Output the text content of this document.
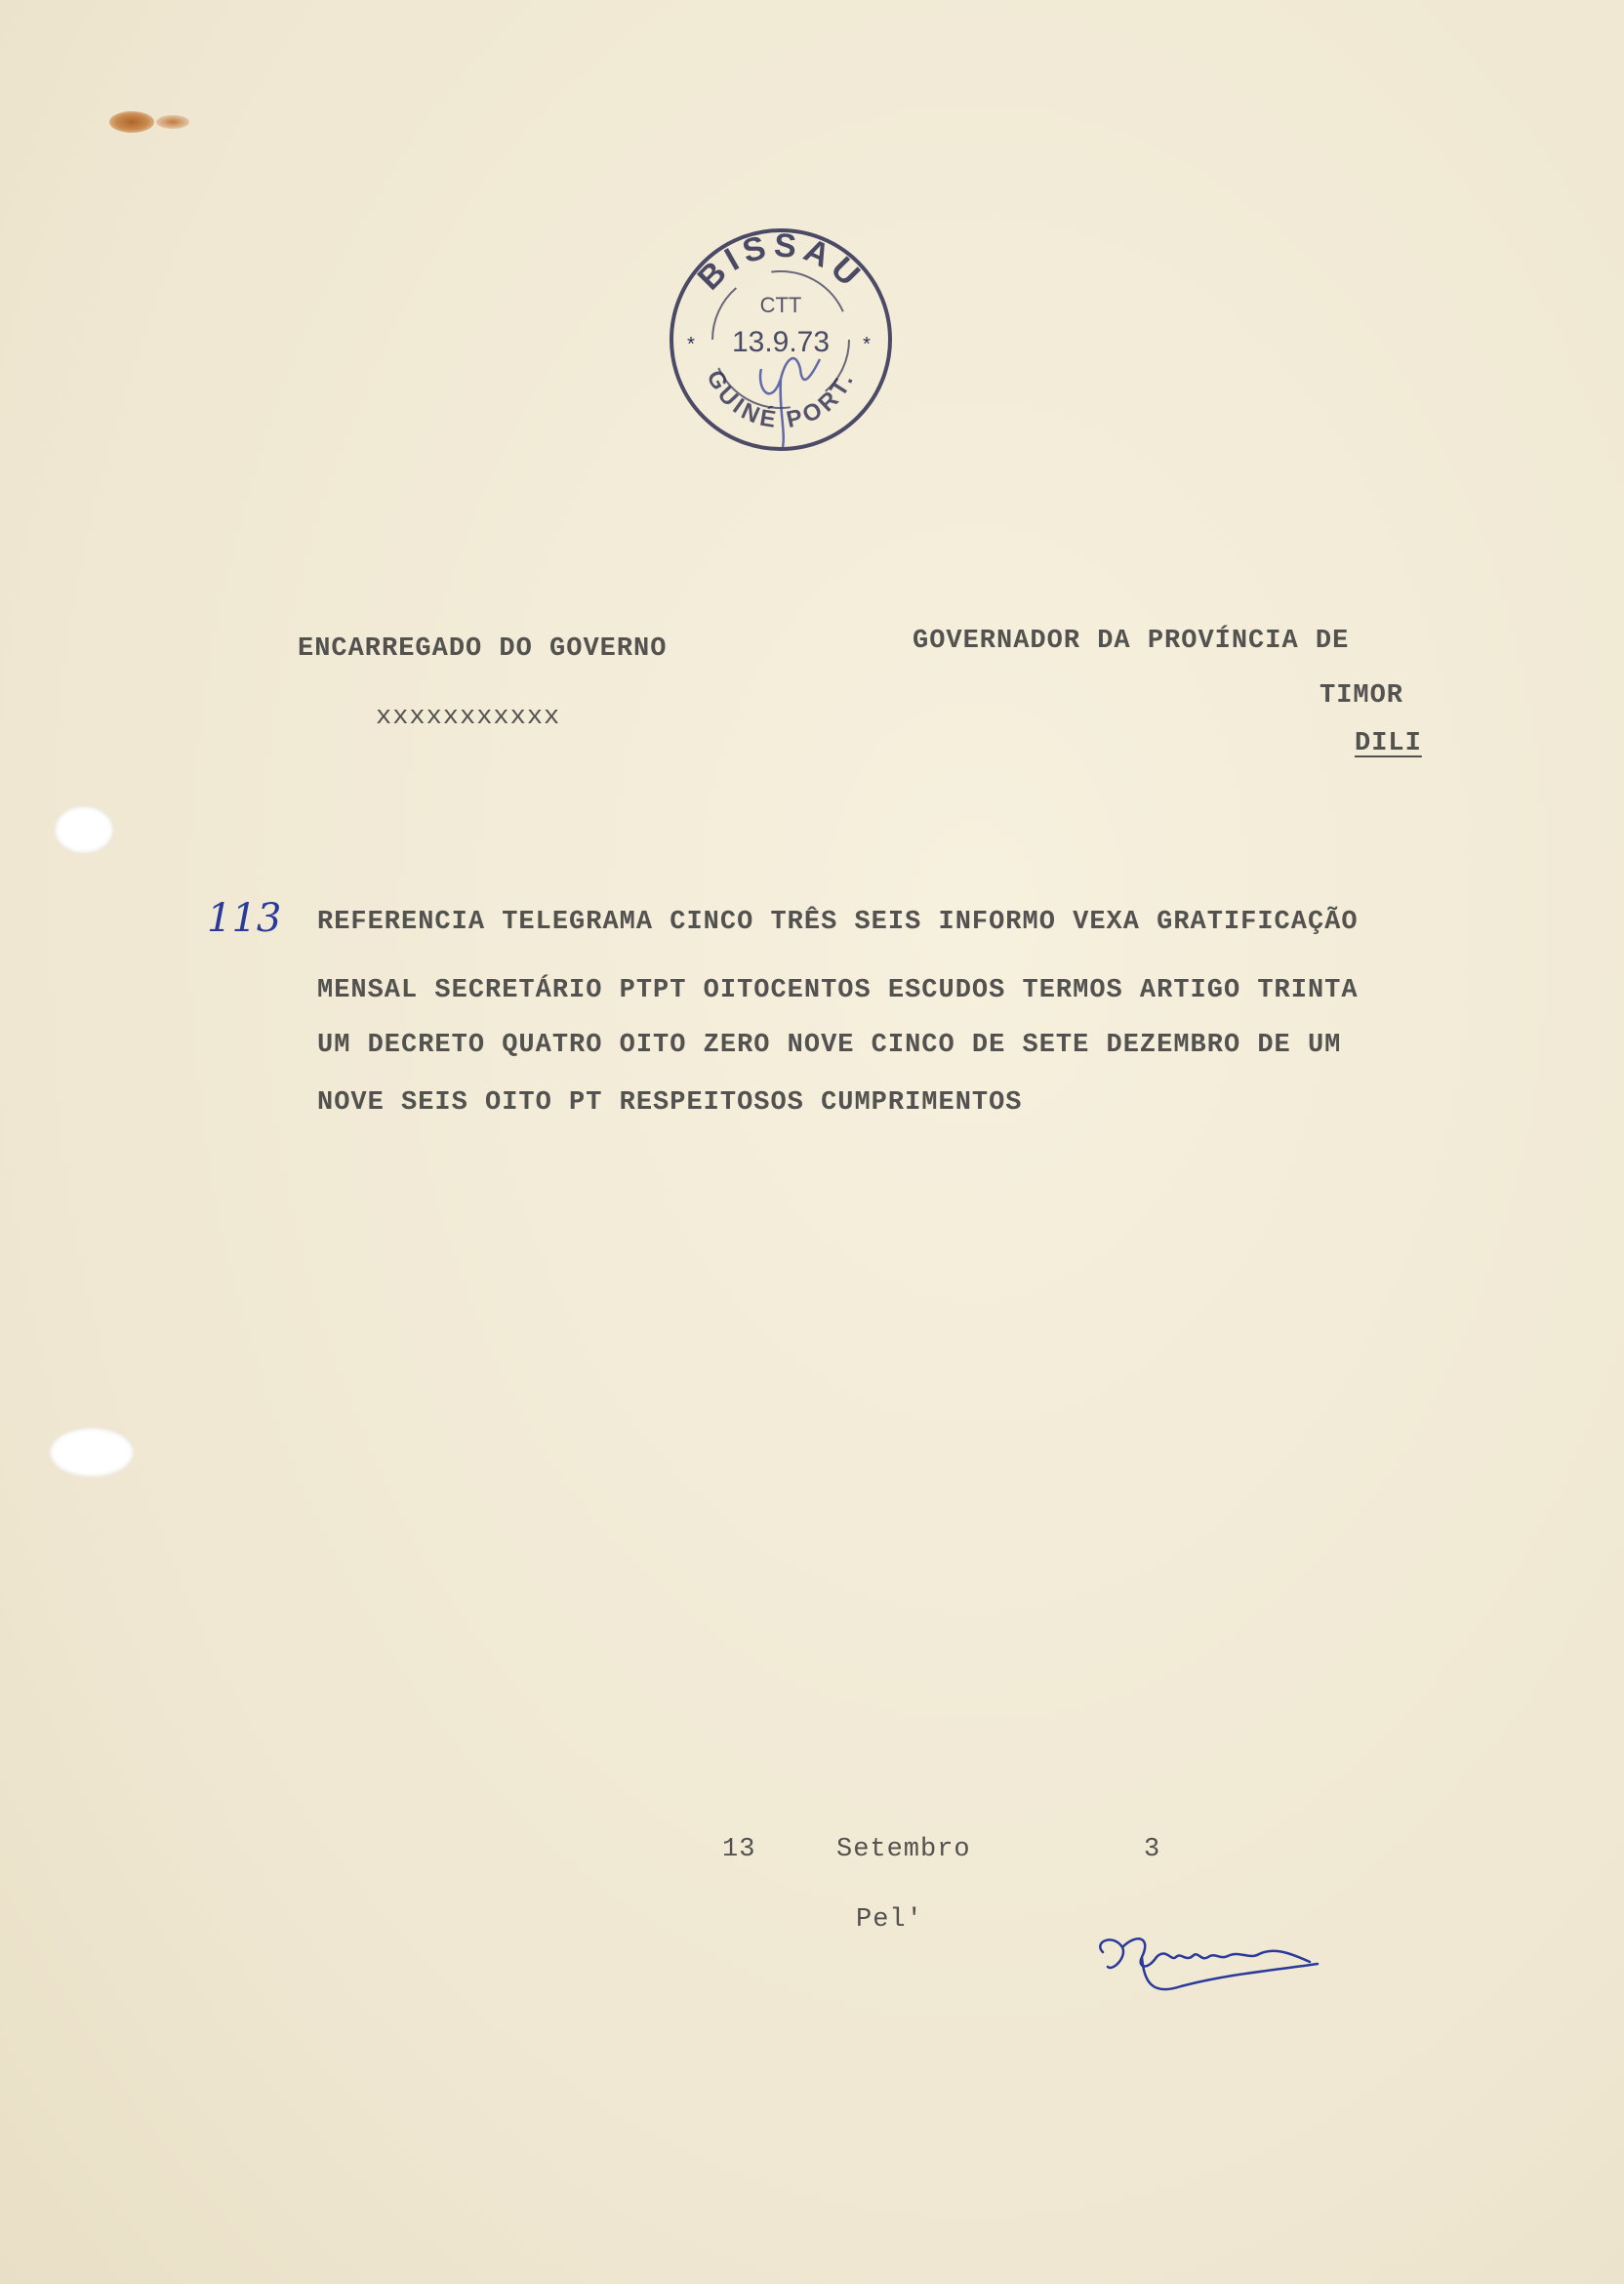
BISSAU
CTT
*	*
13.9.73
GUINÉ PORT.
ENCARREGADO DO GOVERNO
xxxxxxxxxxx
GOVERNADOR DA PROVÍNCIA DE
TIMOR
DILI
113 REFERENCIA TELEGRAMA CINCO TRÊS SEIS INFORMO VEXA GRATIFICAÇÃO
MENSAL SECRETÁRIO PTPT OITOCENTOS ESCUDOS TERMOS ARTIGO TRINTA
UM DECRETO QUATRO OITO ZERO NOVE CINCO DE SETE DEZEMBRO DE UM
NOVE SEIS OITO PT RESPEITOSOS CUMPRIMENTOS
13	Setembro	3
Pel'
